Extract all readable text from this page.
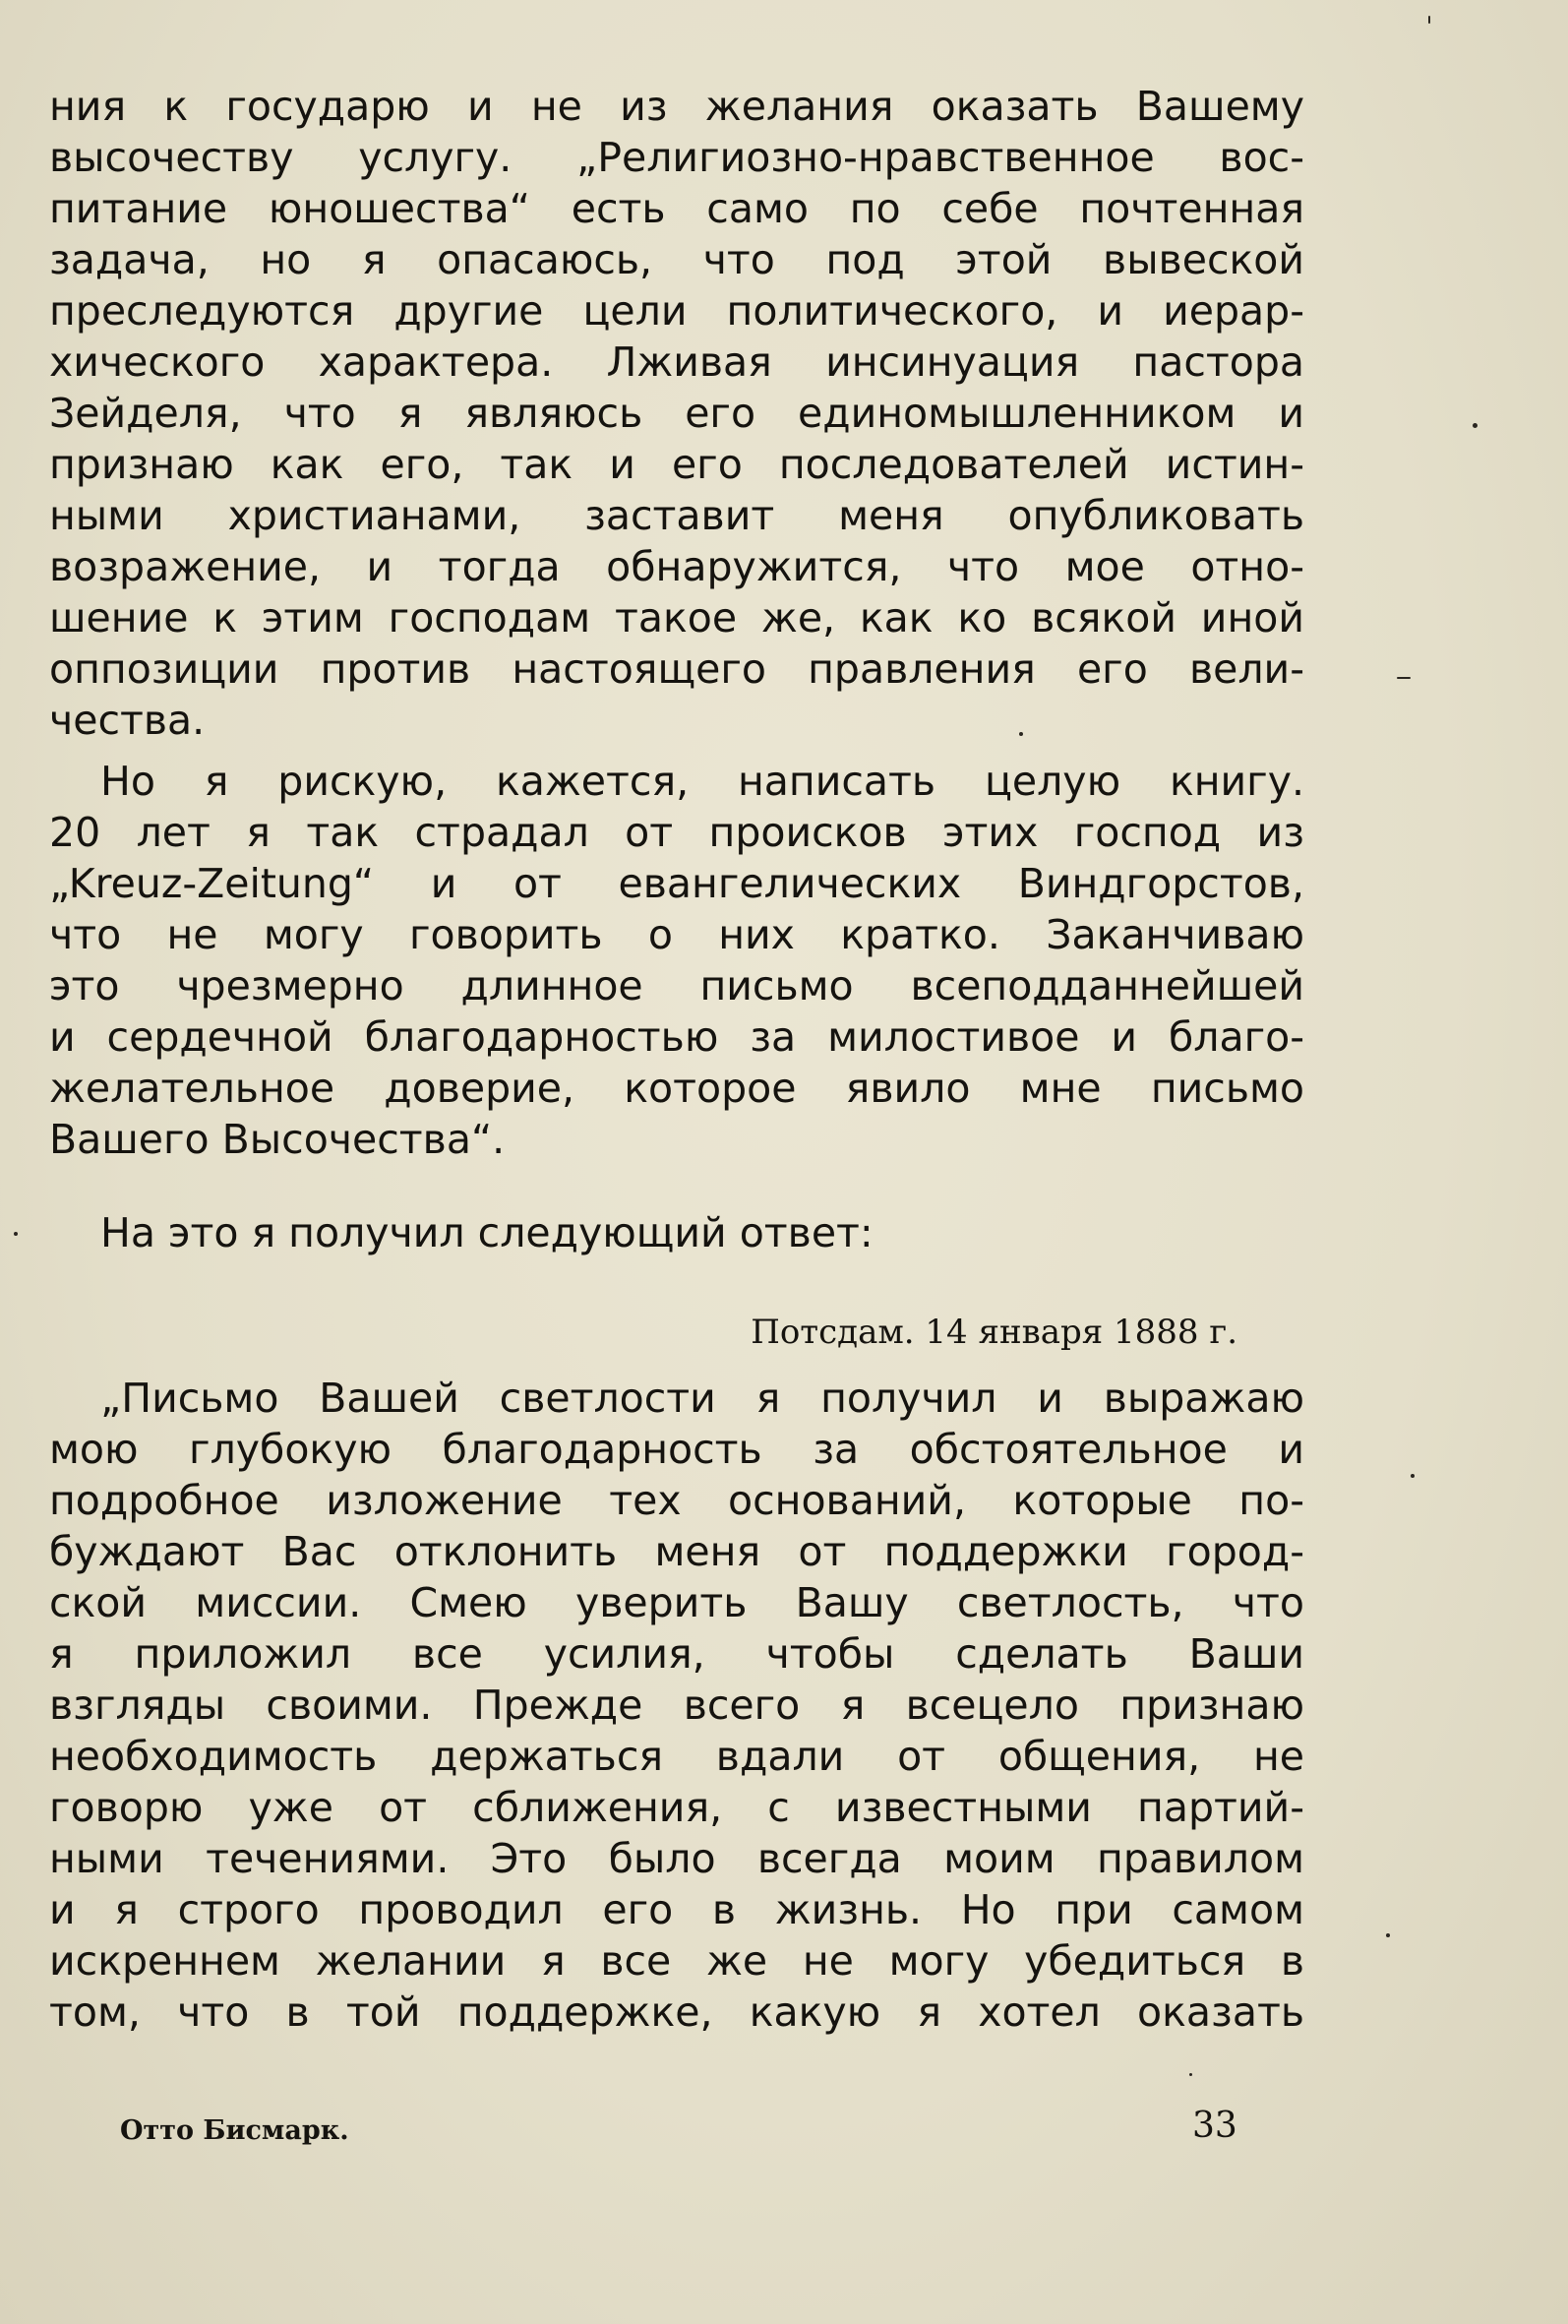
ния к государю и не из желания оказать Вашему
высочеству услугу. „Религиозно-нравственное вос-
питание юношества“ есть само по себе почтенная
задача, но я опасаюсь, что под этой вывеской
преследуются другие цели политического, и иерар-
хического характера. Лживая инсинуация пастора
Зейделя, что я являюсь его единомышленником и
признаю как его, так и его последователей истин-
ными христианами, заставит меня опубликовать
возражение, и тогда обнаружится, что мое отно-
шение к этим господам такое же, как ко всякой иной
оппозиции против настоящего правления его вели-
чества.
Но я рискую, кажется, написать целую книгу.
20 лет я так страдал от происков этих господ из
„Kreuz-Zeitung“ и от евангелических Виндгорстов,
что не могу говорить о них кратко. Заканчиваю
это чрезмерно длинное письмо всеподданнейшей
и сердечной благодарностью за милостивое и благо-
желательное доверие, которое явило мне письмо
Вашего Высочества“.
На это я получил следующий ответ:
Потсдам. 14 января 1888 г.
„Письмо Вашей светлости я получил и выражаю
мою глубокую благодарность за обстоятельное и
подробное изложение тех оснований, которые по-
буждают Вас отклонить меня от поддержки город-
ской миссии. Смею уверить Вашу светлость, что
я приложил все усилия, чтобы сделать Ваши
взгляды своими. Прежде всего я всецело признаю
необходимость держаться вдали от общения, не
говорю уже от сближения, с известными партий-
ными течениями. Это было всегда моим правилом
и я строго проводил его в жизнь. Но при самом
искреннем желании я все же не могу убедиться в
том, что в той поддержке, какую я хотел оказать
Отто Бисмарк.	33
